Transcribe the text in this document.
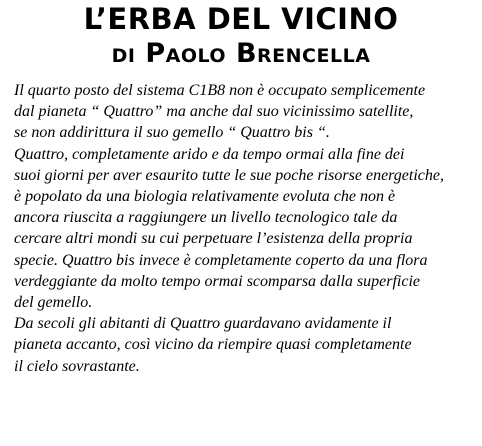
L’ERBA DEL VICINO
di Paolo Brencella
Il quarto posto del sistema C1B8 non è occupato semplicemente
dal pianeta “ Quattro” ma anche dal suo vicinissimo satellite,
se non addirittura il suo gemello “ Quattro bis “.
Quattro, completamente arido e da tempo ormai alla fine dei
suoi giorni per aver esaurito tutte le sue poche risorse energetiche,
è popolato da una biologia relativamente evoluta che non è
ancora riuscita a raggiungere un livello tecnologico tale da
cercare altri mondi su cui perpetuare l’esistenza della propria
specie. Quattro bis invece è completamente coperto da una flora
verdeggiante da molto tempo ormai scomparsa dalla superficie
del gemello.
Da secoli gli abitanti di Quattro guardavano avidamente il
pianeta accanto, così vicino da riempire quasi completamente
il cielo sovrastante.
